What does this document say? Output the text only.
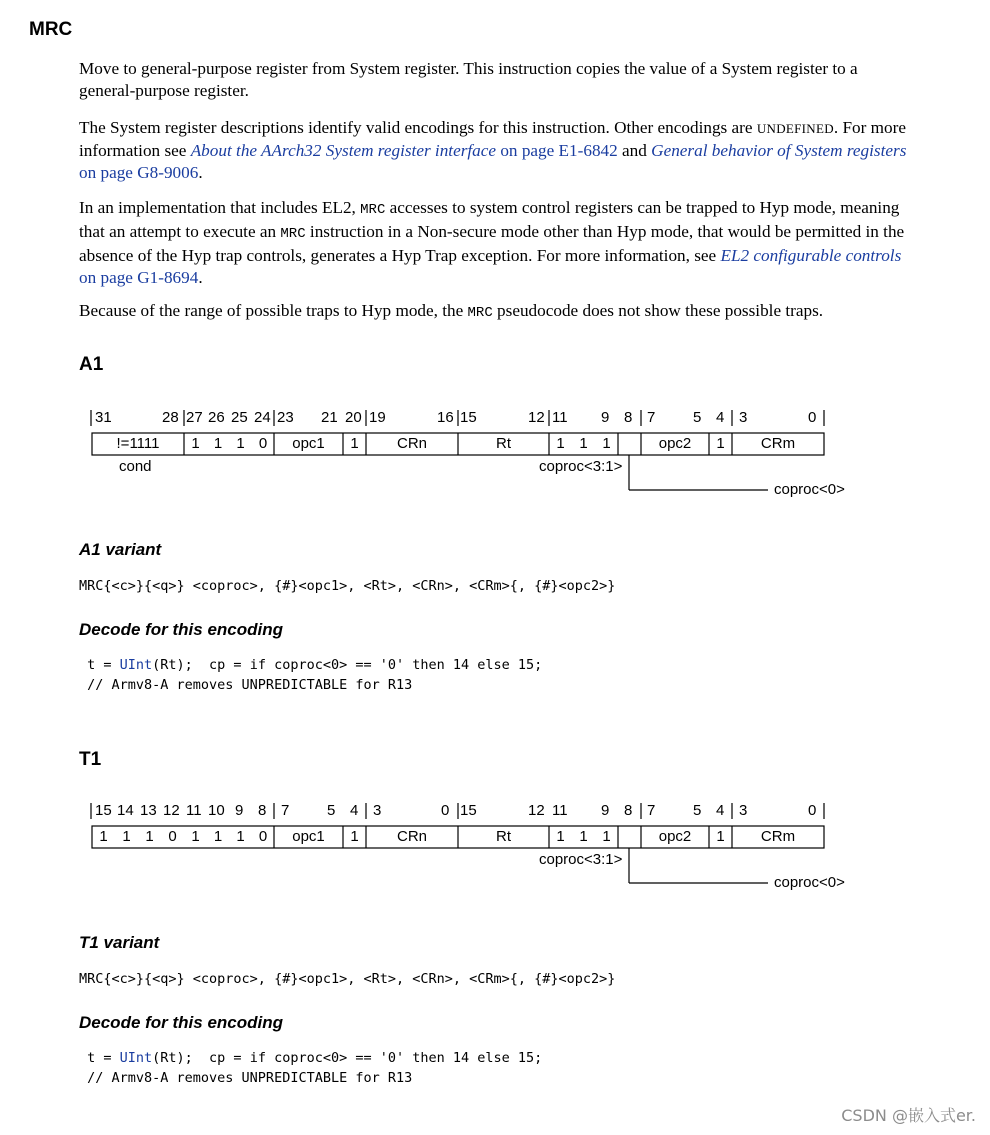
MRC

Move to general-purpose register from System register. This instruction copies the value of a System register to a general-purpose register.

The System register descriptions identify valid encodings for this instruction. Other encodings are UNDEFINED. For more information see About the AArch32 System register interface on page E1-6842 and General behavior of System registers on page G8-9006.

In an implementation that includes EL2, MRC accesses to system control registers can be trapped to Hyp mode, meaning that an attempt to execute an MRC instruction in a Non-secure mode other than Hyp mode, that would be permitted in the absence of the Hyp trap controls, generates a Hyp Trap exception. For more information, see EL2 configurable controls on page G1-8694.

Because of the range of possible traps to Hyp mode, the MRC pseudocode does not show these possible traps.

A1
31	28 27 26 25 24 23 21 20 19	16 15	12 11 9 8 7	5 4 3	0
!=1111	1 1 1 0	opc1	1	CRn	Rt	1 1 1	opc2	1	CRm
cond	coproc<3:1>
coproc<0>
A1 variant
MRC{<c>}{<q>} <coproc>, {#}<opc1>, <Rt>, <CRn>, <CRm>{, {#}<opc2>}
Decode for this encoding
t = UInt(Rt);  cp = if coproc<0> == '0' then 14 else 15;
// Armv8-A removes UNPREDICTABLE for R13
T1
15 14 13 12 11 10 9 8 7	5 4 3	0 15	12 11 9 8 7	5 4 3	0
1 1 1 0 1 1 1 0	opc1	1	CRn	Rt	1 1 1	opc2	1	CRm
coproc<3:1>
coproc<0>
T1 variant
MRC{<c>}{<q>} <coproc>, {#}<opc1>, <Rt>, <CRn>, <CRm>{, {#}<opc2>}
Decode for this encoding
t = UInt(Rt);  cp = if coproc<0> == '0' then 14 else 15;
// Armv8-A removes UNPREDICTABLE for R13
CSDN @嵌入式er.
